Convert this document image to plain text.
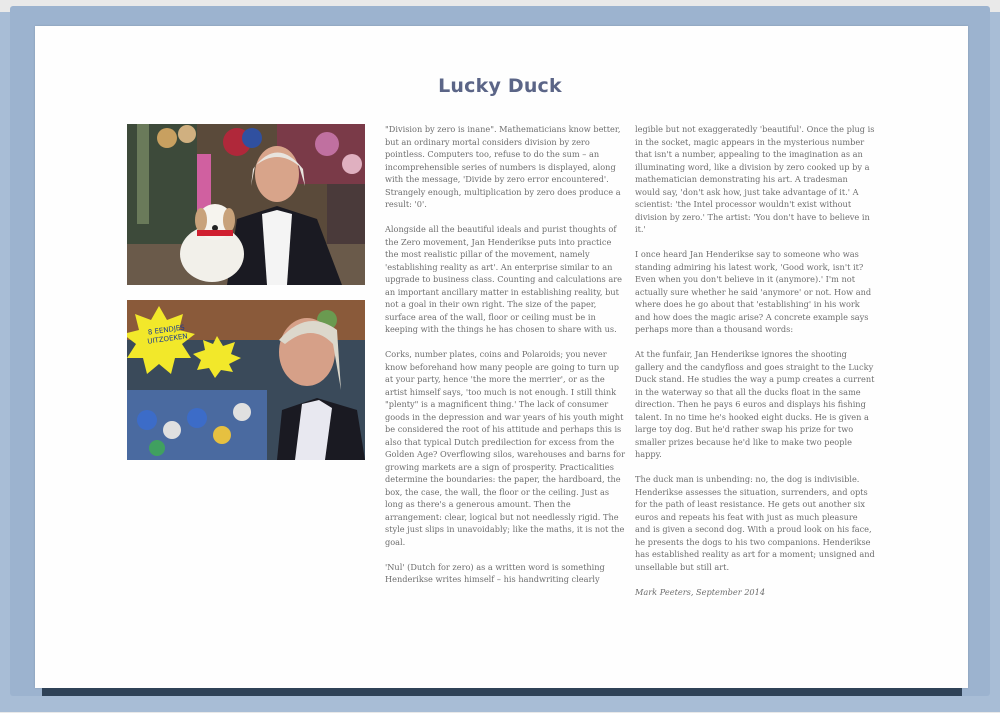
Lucky Duck
8 EENDJES UITZOEKEN

"Division by zero is inane". Mathematicians know better, but an ordinary mortal considers division by zero pointless. Computers too, refuse to do the sum – an incomprehensible series of numbers is displayed, along with the message, 'Divide by zero error encountered'. Strangely enough, multiplication by zero does produce a result: '0'.

Alongside all the beautiful ideals and purist thoughts of the Zero movement, Jan Henderikse puts into practice the most realistic pillar of the movement, namely 'establishing reality as art'. An enterprise similar to an upgrade to business class. Counting and calculations are an important ancillary matter in establishing reality, but not a goal in their own right. The size of the paper, surface area of the wall, floor or ceiling must be in keeping with the things he has chosen to share with us.

Corks, number plates, coins and Polaroids; you never know beforehand how many people are going to turn up at your party, hence 'the more the merrier', or as the artist himself says, 'too much is not enough. I still think "plenty" is a magnificent thing.' The lack of consumer goods in the depression and war years of his youth might be considered the root of his attitude and perhaps this is also that typical Dutch predilection for excess from the Golden Age? Overflowing silos, warehouses and barns for growing markets are a sign of prosperity. Practicalities determine the boundaries: the paper, the hardboard, the box, the case, the wall, the floor or the ceiling. Just as long as there's a generous amount. Then the arrangement: clear, logical but not needlessly rigid. The style just slips in unavoidably; like the maths, it is not the goal.

'Nul' (Dutch for zero) as a written word is something Henderikse writes himself – his handwriting clearly

legible but not exaggeratedly 'beautiful'. Once the plug is in the socket, magic appears in the mysterious number that isn't a number, appealing to the imagination as an illuminating word, like a division by zero cooked up by a mathematician demonstrating his art. A tradesman would say, 'don't ask how, just take advantage of it.' A scientist: 'the Intel processor wouldn't exist without division by zero.' The artist: 'You don't have to believe in it.'

I once heard Jan Henderikse say to someone who was standing admiring his latest work, 'Good work, isn't it? Even when you don't believe in it (anymore).' I'm not actually sure whether he said 'anymore' or not. How and where does he go about that 'establishing' in his work and how does the magic arise? A concrete example says perhaps more than a thousand words:

At the funfair, Jan Henderikse ignores the shooting gallery and the candyfloss and goes straight to the Lucky Duck stand. He studies the way a pump creates a current in the waterway so that all the ducks float in the same direction. Then he pays 6 euros and displays his fishing talent. In no time he's hooked eight ducks. He is given a large toy dog. But he'd rather swap his prize for two smaller prizes because he'd like to make two people happy.

The duck man is unbending: no, the dog is indivisible. Henderikse assesses the situation, surrenders, and opts for the path of least resistance. He gets out another six euros and repeats his feat with just as much pleasure and is given a second dog. With a proud look on his face, he presents the dogs to his two companions. Henderikse has established reality as art for a moment; unsigned and unsellable but still art.

Mark Peeters, September 2014
